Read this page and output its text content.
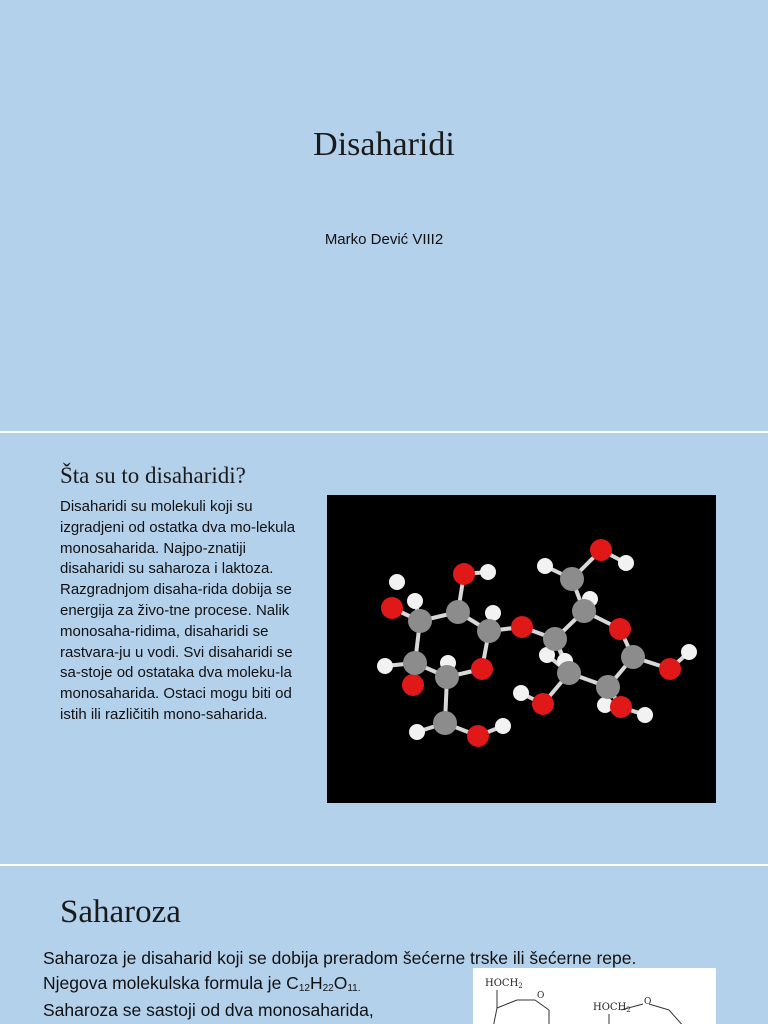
Disaharidi
Marko Dević VIII2
Šta su to disaharidi?
Disaharidi su molekuli koji su izgradjeni od ostatka dva mo-lekula monosaharida. Najpo-znatiji disaharidi su saharoza i laktoza. Razgradnjom disaha-rida dobija se energija za živo-tne procese. Nalik monosaha-ridima, disaharidi se rastvara-ju u vodi. Svi disaharidi se sa-stoje od ostataka dva moleku-la monosaharida. Ostaci mogu biti od istih ili različitih mono-saharida.
Saharoza
Saharoza je disaharid koji se dobija preradom šećerne trske ili šećerne repe.
Njegova molekulska formula je $C_{12}H_{22}O_{11.}$
Saharoza se sastoji od dva monosaharida,
$HOCH_2$
$HOCH_2$
O
O
